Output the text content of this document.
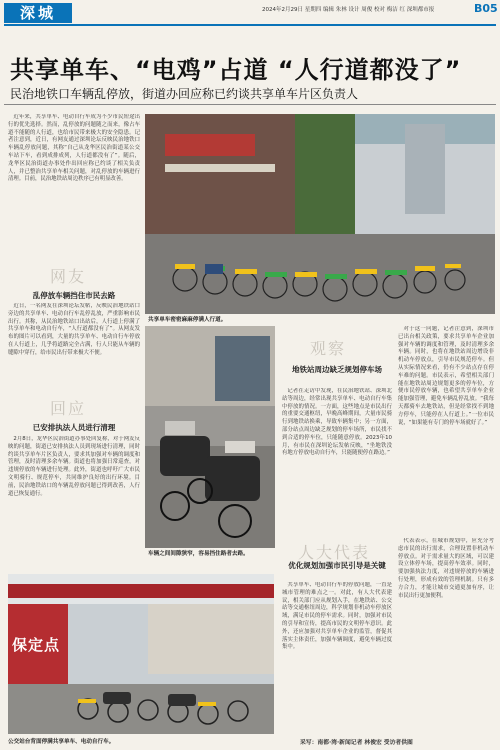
深城	2024年2月29日 星期四 编辑 朱林 设计 周俊 校对 梅洁 红 深圳都市报	B05
共享单车、“电鸡”占道 “人行道都没了”
民治地铁口车辆乱停放，街道办回应称已约谈共享单车片区负责人

近年来，共享单车、电动自行车成为不少市民短途出行的优先选择。然而，乱停放的问题随之而来，像占车道不能随的人行道，也给市民带来极大的安全隐患。记者注意到，近日，有网友通过深圳论坛反映民治地铁口车辆乱停放问题，其称“自己从龙华区民治街道某公交车站下车，看到成排成列，人行道都没有了”。随后，龙华区民治街道办事处作出回应称已约谈了相关负责人，并已整治共享单车相关问题，对乱停放的车辆进行清理。目前，民治地铁站周边秩序已有明显改善。

网友
乱停放车辆挡住市民去路

近日，一名网友在深圳论坛发帖，反映民治地铁站口旁边的共享单车、电动自行车乱停乱放，严重影响市民出行。其称，从民治地铁站口出站后，人行道上停满了共享单车和电动自行车，“人行道都没有了”。从网友发布的图片可以看到，大量的共享单车、电动自行车停放在人行道上，几乎将道路完全占满，行人只能从车辆的缝隙中穿行，给市民出行带来极大不便。

回应
已安排执法人员进行清理

2月8日，龙华区民治街道办事处回复称，对于网友反映的问题，街道已安排执法人员到现场进行清理，同时约谈共享单车片区负责人，要求其加强对车辆的调度和管理，及时清理多余车辆。街道也将加强日常巡查，对违规停放的车辆进行处理。此外，街道也呼吁广大市民文明骑行、规范停车，共同维护良好的出行环境。目前，民治地铁站口的车辆乱停放问题已得到改善，人行道已恢复通行。

共享单车密密麻麻停满人行道。
车辆之间间隙狭窄，容易挡住路者去路。
观察
地铁站周边缺乏规划停车场

记者在走访中发现，在民治地铁站、深圳北站等周边，经常出现共享单车、电动自行车集中停放的情况。一方面，这些地点是市民出行的重要交通枢纽，早晚高峰期间，大量市民骑行到地铁站换乘，导致车辆集中；另一方面，部分站点周边缺乏规划的停车场所，市民找不到合适的停车位，只能随意停放。2023年10月，有市民在深圳论坛发帖反映，“坐地铁没有地方停放电动自行车，只能随便停在路边。”

对于这一问题，记者注意到，深圳市已出台相关政策，要求共享单车企业加强对车辆的调度和管理，及时清理多余车辆。同时，也将在地铁站周边增设非机动车停放点，引导市民规范停车。但从实际情况来看，仍有不少站点存在停车难的问题。市民表示，希望相关部门能在地铁站周边规划更多的停车位，方便市民停放车辆，也希望共享单车企业能加强管理，避免车辆乱停乱放。“我每天都骑车去地铁站，但是经常找不到地方停车，只能停在人行道上。”一位市民说，“如果能有专门的停车场就好了。”

人大代表
优化规划加强市民引导是关键

共享单车、电动自行车的停放问题，一直是城市管理的难点之一。对此，有人大代表建议，相关部门应从规划入手，在地铁站、公交站等交通枢纽周边，科学规划非机动车停放区域，满足市民的停车需求。同时，加强对市民的引导和宣传，提高市民的文明停车意识。此外，还应加强对共享单车企业的监管，督促其落实主体责任，加强车辆调度，避免车辆过度集中。

代表表示，在城市规划中，应充分考虑市民的出行需求，合理设置非机动车停放点。对于需求量大的区域，可以建设立体停车场，提高停车效率。同时，要加强执法力度，对违规停放的车辆进行处理，形成有效的管理机制。只有多方合力，才能让城市交通更加有序，让市民出行更加便利。

保定点
公交站台背面停满共享单车、电动自行车。	采写：南都·湾·新闻记者 林俊宏 受访者供图
